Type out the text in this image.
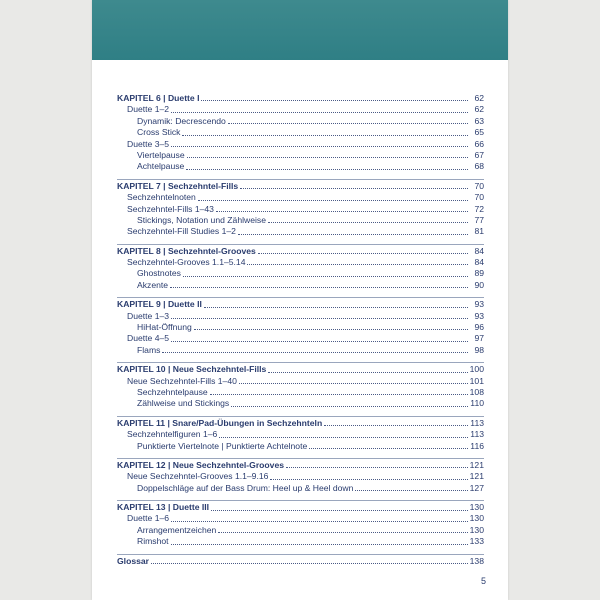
KAPITEL 6 | Duette I	62
Duette 1–2	62
Dynamik: Decrescendo	63
Cross Stick	65
Duette 3–5	66
Viertelpause	67
Achtelpause	68
KAPITEL 7 | Sechzehntel-Fills	70
Sechzehntelnoten	70
Sechzehntel-Fills 1–43	72
Stickings, Notation und Zählweise	77
Sechzehntel-Fill Studies 1–2	81
KAPITEL 8 | Sechzehntel-Grooves	84
Sechzehntel-Grooves 1.1–5.14	84
Ghostnotes	89
Akzente	90
KAPITEL 9 | Duette II	93
Duette 1–3	93
HiHat-Öffnung	96
Duette 4–5	97
Flams	98
KAPITEL 10 | Neue Sechzehntel-Fills	100
Neue Sechzehntel-Fills 1–40	101
Sechzehntelpause	108
Zählweise und Stickings	110
KAPITEL 11 | Snare/Pad-Übungen in Sechzehnteln	113
Sechzehntelfiguren 1–6	113
Punktierte Viertelnote | Punktierte Achtelnote	116
KAPITEL 12 | Neue Sechzehntel-Grooves	121
Neue Sechzehntel-Grooves 1.1–9.16	121
Doppelschläge auf der Bass Drum: Heel up & Heel down	127
KAPITEL 13 | Duette III	130
Duette 1–6	130
Arrangementzeichen	130
Rimshot	133
Glossar	138
5
